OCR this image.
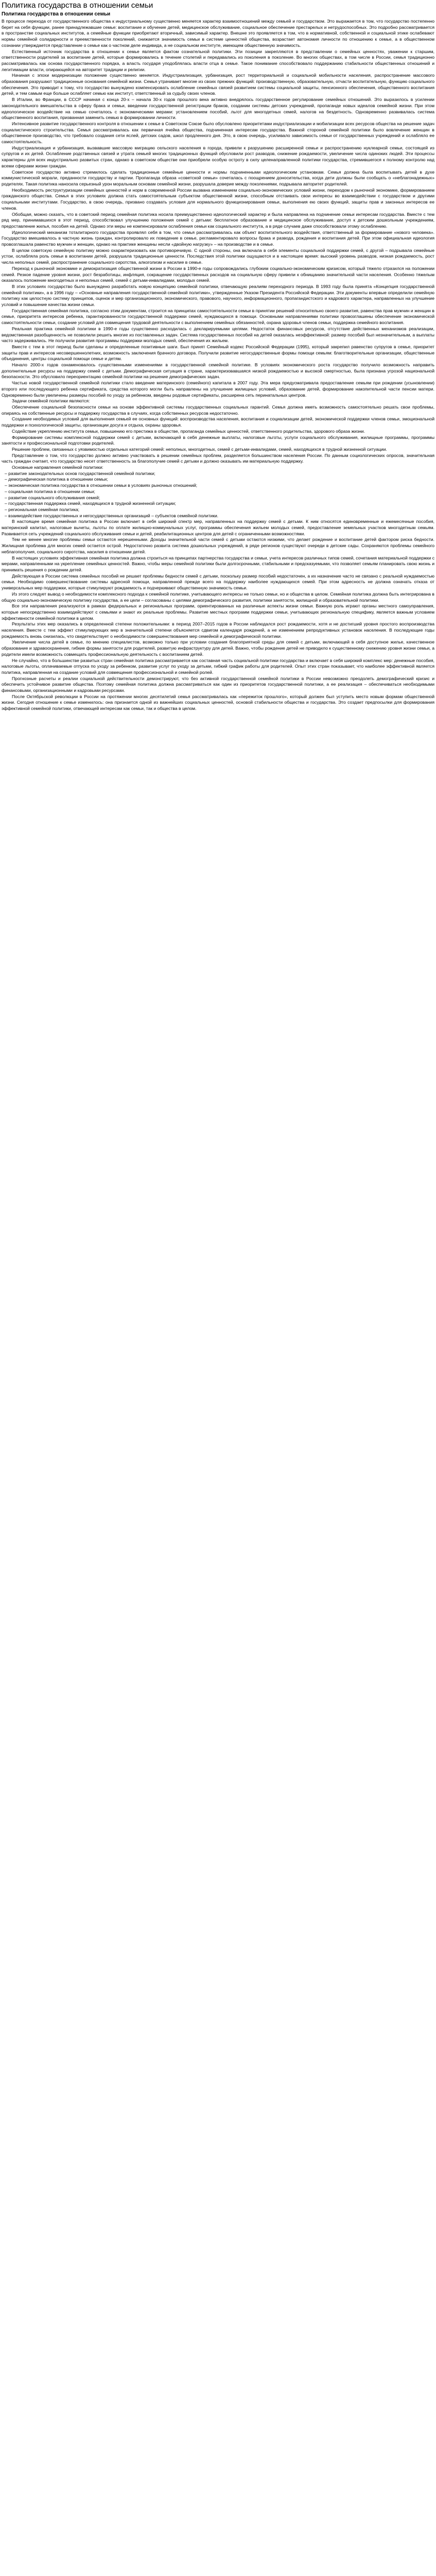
Политика государства в отношении семьи
Политика государства в отношении семьи

В процессе перехода от государственного общества к индустриальному существенно меняется характер взаимоотношений между семьей и государством. Это выражается в том, что государство постепенно берет на себя функции, ранее принадлежавшие семье: воспитание и обучение детей, медицинское обслуживание, социальное обеспечение престарелых и нетрудоспособных. Это подробно рассматривается в пространстве социальных институтов, а семейные функции приобретают вторичный, зависимый характер. Внешне это проявляется в том, что в нормативной, собственной и социальной этике ослабевают нормы семейной солидарности и преемственности поколений, снижается значимость семьи в системе ценностей общества, возрастает автономия личности по отношению к семье, а в общественном сознании утверждается представление о семье как о частном деле индивида, а не социальном институте, имеющем общественную значимость.

Естественный источник государства в отношении к семье является фактом сознательной политики. Эти позиции закрепляются в представлении о семейных ценностях, уважении к старшим, ответственности родителей за воспитание детей, которые формировались в течение столетий и передавались из поколения в поколение. Во многих обществах, в том числе в России, семья традиционно рассматривалась как основа государственного порядка, а власть государя уподоблялась власти отца в семье. Такое понимание способствовало поддержанию стабильности общественных отношений и легитимации власти, опирающейся на авторитет традиции и религии.

Начиная с эпохи модернизации положение существенно меняется. Индустриализация, урбанизация, рост территориальной и социальной мобильности населения, распространение массового образования разрушают традиционные основания семейной жизни. Семья утрачивает многие из своих прежних функций: производственную, образовательную, отчасти воспитательную, функцию социального обеспечения. Это приводит к тому, что государство вынуждено компенсировать ослабление семейных связей развитием системы социальной защиты, пенсионного обеспечения, общественного воспитания детей, и тем самым еще больше ослабляет семью как институт, ответственный за судьбу своих членов.

В Италии, во Франции, в СССР начиная с конца 20-х – начала 30-х годов прошлого века активно внедрялось государственное регулирование семейных отношений. Это выразилось в усилении законодательного вмешательства в сферу брака и семьи, введении государственной регистрации браков, создании системы детских учреждений, пропаганде новых идеалов семейной жизни. При этом идеологическое воздействие на семью сочеталось с экономическими мерами: установлением пособий, льгот для многодетных семей, налогов на бездетность. Одновременно развивалась система общественного воспитания, призванная заменить семью в формировании личности.

Интенсивное развитие государственного контроля в отношении к семье в Советском Союзе было обусловлено приоритетами индустриализации и мобилизации всех ресурсов общества на решение задач социалистического строительства. Семья рассматривалась как первичная ячейка общества, подчиненная интересам государства. Важной стороной семейной политики было вовлечение женщин в общественное производство, что требовало создания сети яслей, детских садов, школ продленного дня. Это, в свою очередь, усиливало зависимость семьи от государственных учреждений и ослабляло ее самостоятельность.

Индустриализация и урбанизация, вызвавшие массовую миграцию сельского населения в города, привели к разрушению расширенной семьи и распространению нуклеарной семьи, состоящей из супругов и их детей. Ослабление родственных связей и утрата семьей многих традиционных функций обусловили рост разводов, снижение рождаемости, увеличение числа одиноких людей. Эти процессы характерны для всех индустриально развитых стран, однако в советском обществе они приобрели особую остроту в силу целенаправленной политики государства, стремившегося к полному контролю над всеми сферами жизни граждан.

Советское государство активно стремилось сделать традиционные семейные ценности и нормы подчиненными идеологическим установкам. Семья должна была воспитывать детей в духе коммунистической морали, преданности государству и партии. Пропаганда образа «советской семьи» сочеталась с поощрением доносительства, когда дети должны были сообщать о «неблагонадежных» родителях. Такая политика наносила серьезный урон моральным основам семейной жизни, разрушала доверие между поколениями, подрывала авторитет родителей.

Необходимость реструктуризации семейных ценностей и норм в современной России вызвана изменением социально-экономических условий жизни, переходом к рыночной экономике, формированием гражданского общества. Семья в этих условиях должна стать самостоятельным субъектом общественной жизни, способным отстаивать свои интересы во взаимодействии с государством и другими социальными институтами. Государство, в свою очередь, призвано создавать условия для нормального функционирования семьи, выполнения ею своих функций, защиты прав и законных интересов ее членов.

Обобщая, можно сказать, что в советский период семейная политика носила преимущественно идеологический характер и была направлена на подчинение семьи интересам государства. Вместе с тем ряд мер, принимавшихся в этот период, способствовал улучшению положения семей с детьми: бесплатное образование и медицинское обслуживание, доступ к детским дошкольным учреждениям, предоставление жилья, пособия на детей. Однако эти меры не компенсировали ослабления семьи как социального института, а в ряде случаев даже способствовали этому ослаблению.

Идеологический механизм тоталитарного государства проявлял себя в том, что семья рассматривалась как объект воспитательного воздействия, ответственный за формирование «нового человека». Государство вмешивалось в частную жизнь граждан, контролировало их поведение в семье, регламентировало вопросы брака и развода, рождения и воспитания детей. При этом официальная идеология провозглашала равенство мужчин и женщин, однако на практике женщины несли «двойную нагрузку» – на производстве и в семье.

В целом советскую семейную политику можно охарактеризовать как противоречивую. С одной стороны, она включала в себя элементы социальной поддержки семей, с другой – подрывала семейные устои, ослабляла роль семьи в воспитании детей, разрушала традиционные ценности. Последствия этой политики ощущаются и в настоящее время: высокий уровень разводов, низкая рождаемость, рост числа неполных семей, распространение социального сиротства, алкоголизм и насилие в семье.

Переход к рыночной экономике и демократизация общественной жизни в России в 1990-е годы сопровождались глубоким социально-экономическим кризисом, который тяжело отразился на положении семей. Резкое падение уровня жизни, рост безработицы, инфляция, сокращение государственных расходов на социальную сферу привели к обнищанию значительной части населения. Особенно тяжелым оказалось положение многодетных и неполных семей, семей с детьми-инвалидами, молодых семей.

В этих условиях государство было вынуждено разработать новую концепцию семейной политики, отвечающую реалиям переходного периода. В 1993 году была принята «Концепция государственной семейной политики», а в 1996 году – «Основные направления государственной семейной политики», утвержденные Указом Президента Российской Федерации. Эти документы впервые определили семейную политику как целостную систему принципов, оценок и мер организационного, экономического, правового, научного, информационного, пропагандистского и кадрового характера, направленных на улучшение условий и повышение качества жизни семьи.

Государственная семейная политика, согласно этим документам, строится на принципах самостоятельности семьи в принятии решений относительно своего развития, равенства прав мужчин и женщин в семье, приоритета интересов ребенка, гарантированности государственной поддержки семей, нуждающихся в помощи. Основными направлениями политики провозглашены обеспечение экономической самостоятельности семьи, создание условий для совмещения трудовой деятельности с выполнением семейных обязанностей, охрана здоровья членов семьи, поддержка семейного воспитания.

Реальная практика семейной политики в 1990-е годы существенно расходилась с декларируемыми целями. Недостаток финансовых ресурсов, отсутствие действенных механизмов реализации, ведомственная разобщенность не позволили решить многие из поставленных задач. Система государственных пособий на детей оказалась неэффективной: размер пособий был незначительным, а выплаты часто задерживались. Не получили развития программы поддержки молодых семей, обеспечения их жильем.

Вместе с тем в этот период были сделаны и определенные позитивные шаги. Был принят Семейный кодекс Российской Федерации (1995), который закрепил равенство супругов в семье, приоритет защиты прав и интересов несовершеннолетних, возможность заключения брачного договора. Получили развитие негосударственные формы помощи семьям: благотворительные организации, общественные объединения, центры социальной помощи семье и детям.

Начало 2000-х годов ознаменовалось существенными изменениями в государственной семейной политике. В условиях экономического роста государство получило возможность направить дополнительные ресурсы на поддержку семей с детьми. Демографическая ситуация в стране, характеризовавшаяся низкой рождаемостью и высокой смертностью, была признана угрозой национальной безопасности. Это обусловило переориентацию семейной политики на решение демографических задач.

Частью новой государственной семейной политики стало введение материнского (семейного) капитала в 2007 году. Эта мера предусматривала предоставление семьям при рождении (усыновлении) второго или последующего ребенка сертификата, средства которого могли быть направлены на улучшение жилищных условий, образование детей, формирование накопительной части пенсии матери. Одновременно были увеличены размеры пособий по уходу за ребенком, введены родовые сертификаты, расширена сеть перинатальных центров.

Задачи семейной политики являются:

Обеспечение социальной безопасности семьи на основе эффективной системы государственных социальных гарантий. Семья должна иметь возможность самостоятельно решать свои проблемы, опираясь на собственные ресурсы и поддержку государства в случаях, когда собственных ресурсов недостаточно.

Создание необходимых условий для выполнения семьей ее основных функций: воспроизводства населения, воспитания и социализации детей, экономической поддержки членов семьи, эмоциональной поддержки и психологической защиты, организации досуга и отдыха, охраны здоровья.

Содействие укреплению института семьи, повышению его престижа в обществе, пропаганда семейных ценностей, ответственного родительства, здорового образа жизни.

Формирование системы комплексной поддержки семей с детьми, включающей в себя денежные выплаты, налоговые льготы, услуги социального обслуживания, жилищные программы, программы занятости и профессиональной подготовки родителей.

Решение проблем, связанных с уязвимостью отдельных категорий семей: неполных, многодетных, семей с детьми-инвалидами, семей, находящихся в трудной жизненной ситуации.

Представление о том, что государство должно активно участвовать в решении семейных проблем, разделяется большинством населения России. По данным социологических опросов, значительная часть граждан считает, что государство несет ответственность за благополучие семей с детьми и должно оказывать им материальную поддержку.

Основные направления семейной политики:

– развитие законодательных основ государственной семейной политики;

– демографическая политика в отношении семьи;

– экономическая политика государства в отношении семьи в условиях рыночных отношений;

– социальная политика в отношении семьи;

– развитие социального обслуживания семей;

– государственная поддержка семей, находящихся в трудной жизненной ситуации;

– региональная семейная политика;

– взаимодействие государственных и негосударственных организаций – субъектов семейной политики.

В настоящее время семейная политика в России включает в себя широкий спектр мер, направленных на поддержку семей с детьми. К ним относятся единовременные и ежемесячные пособия, материнский капитал, налоговые вычеты, льготы по оплате жилищно-коммунальных услуг, программы обеспечения жильем молодых семей, предоставление земельных участков многодетным семьям. Развивается сеть учреждений социального обслуживания семьи и детей, реабилитационных центров для детей с ограниченными возможностями.

Тем не менее многие проблемы семьи остаются нерешенными. Доходы значительной части семей с детьми остаются низкими, что делает рождение и воспитание детей фактором риска бедности. Жилищная проблема для многих семей остается острой. Недостаточно развита система дошкольных учреждений, в ряде регионов существуют очереди в детские сады. Сохраняются проблемы семейного неблагополучия, социального сиротства, насилия в отношении детей.

В настоящих условиях эффективная семейная политика должна строиться на принципах партнерства государства и семьи, учета интересов различных типов семей, сочетания материальной поддержки с мерами, направленными на укрепление семейных ценностей. Важно, чтобы меры семейной политики были долгосрочными, стабильными и предсказуемыми, что позволяет семьям планировать свою жизнь и принимать решения о рождении детей.

Действующая в России система семейных пособий не решает проблемы бедности семей с детьми, поскольку размер пособий недостаточен, а их назначение часто не связано с реальной нуждаемостью семьи. Необходимо совершенствование системы адресной помощи, направленной прежде всего на поддержку наиболее нуждающихся семей. При этом адресность не должна означать отказа от универсальных мер поддержки, которые стимулируют рождаемость и подчеркивают общественную значимость семьи.

Из этого следует вывод о необходимости комплексного подхода к семейной политике, учитывающего интересы не только семьи, но и общества в целом. Семейная политика должна быть интегрирована в общую социально-экономическую политику государства, а ее цели – согласованы с целями демографического развития, политики занятости, жилищной и образовательной политики.

Все эти направления реализуются в рамках федеральных и региональных программ, ориентированных на различные аспекты жизни семьи. Важную роль играют органы местного самоуправления, которые непосредственно взаимодействуют с семьями и знают их реальные проблемы. Развитие местных программ поддержки семьи, учитывающих региональную специфику, является важным условием эффективности семейной политики в целом.

Результаты этих мер оказались в определенной степени положительными: в период 2007–2015 годов в России наблюдался рост рождаемости, хотя и не достигший уровня простого воспроизводства населения. Вместе с тем эффект стимулирующих мер в значительной степени объясняется сдвигом календаря рождений, а не изменением репродуктивных установок населения. В последующие годы рождаемость вновь снизилась, что свидетельствует о необходимости совершенствования мер семейной и демографической политики.

Увеличение числа детей в семье, по мнению специалистов, возможно только при условии создания благоприятной среды для семей с детьми, включающей в себя доступное жилье, качественное образование и здравоохранение, гибкие формы занятости для родителей, развитую инфраструктуру для детей. Важно, чтобы рождение детей не приводило к существенному снижению уровня жизни семьи, а родители имели возможность совмещать профессиональную деятельность с воспитанием детей.

Не случайно, что в большинстве развитых стран семейная политика рассматривается как составная часть социальной политики государства и включает в себя широкий комплекс мер: денежные пособия, налоговые льготы, оплачиваемые отпуска по уходу за ребенком, развитие услуг по уходу за детьми, гибкий график работы для родителей. Опыт этих стран показывает, что наиболее эффективной является политика, направленная на создание условий для совмещения профессиональной и семейной ролей.

Прогнозные расчеты и реалии социальной действительности демонстрируют, что без активной государственной семейной политики в России невозможно преодолеть демографический кризис и обеспечить устойчивое развитие общества. Поэтому семейная политика должна рассматриваться как один из приоритетов государственной политики, а ее реализация – обеспечиваться необходимыми финансовыми, организационными и кадровыми ресурсами.

После Октябрьской революции в России на протяжении многих десятилетий семья рассматривалась как «пережиток прошлого», который должен был уступить место новым формам общественной жизни. Сегодня отношение к семье изменилось: она признается одной из важнейших социальных ценностей, основой стабильности общества и государства. Это создает предпосылки для формирования эффективной семейной политики, отвечающей интересам как семьи, так и общества в целом.
